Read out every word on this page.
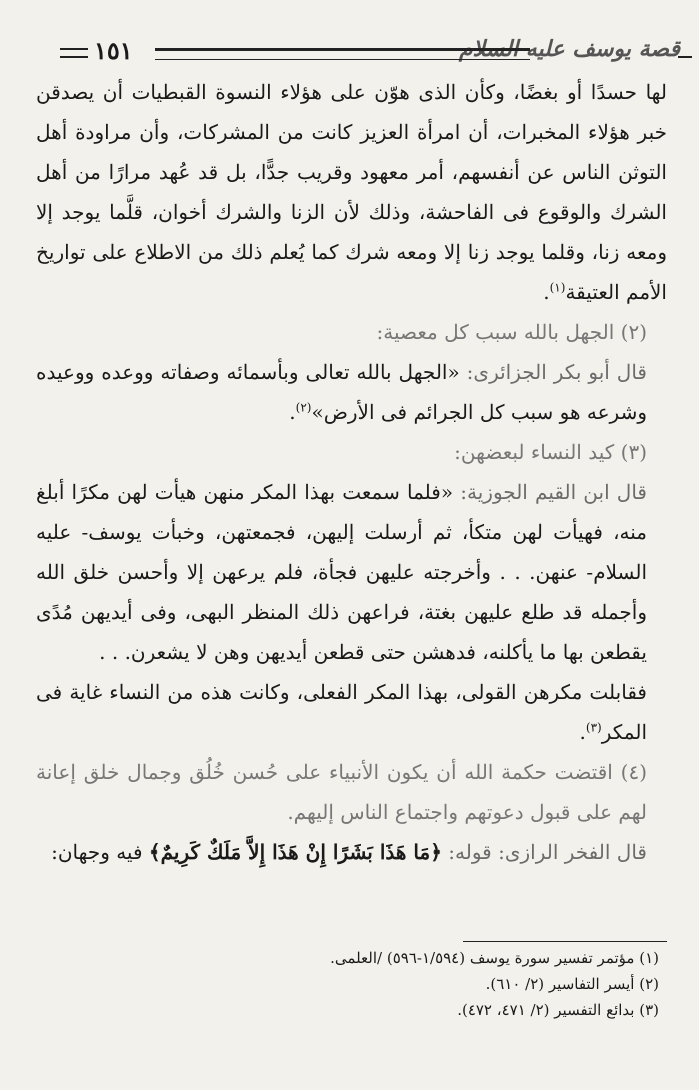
قصة يوسف عليه السلام
١٥١

لها حسدًا أو بغضًا، وكأن الذى هوّن على هؤلاء النسوة القبطيات أن يصدقن خبر هؤلاء المخبرات، أن امرأة العزيز كانت من المشركات، وأن مراودة أهل التوثن الناس عن أنفسهم، أمر معهود وقريب جدًّا، بل قد عُهد مرارًا من أهل الشرك والوقوع فى الفاحشة، وذلك لأن الزنا والشرك أخوان، قلَّما يوجد إلا ومعه زنا، وقلما يوجد زنا إلا ومعه شرك كما يُعلم ذلك من الاطلاع على تواريخ الأمم العتيقة$^{(١)}$.

(٢) الجهل بالله سبب كل معصية:

قال أبو بكر الجزائرى: «الجهل بالله تعالى وبأسمائه وصفاته ووعده ووعيده وشرعه هو سبب كل الجرائم فى الأرض»$^{(٢)}$.

(٣) كيد النساء لبعضهن:

قال ابن القيم الجوزية: «فلما سمعت بهذا المكر منهن هيأت لهن مكرًا أبلغ منه، فهيأت لهن متكأ، ثم أرسلت إليهن، فجمعتهن، وخبأت يوسف- عليه السلام- عنهن. . . وأخرجته عليهن فجأة، فلم يرعهن إلا وأحسن خلق الله وأجمله قد طلع عليهن بغتة، فراعهن ذلك المنظر البهى، وفى أيديهن مُدًى يقطعن بها ما يأكلنه، فدهشن حتى قطعن أيديهن وهن لا يشعرن. . .

فقابلت مكرهن القولى، بهذا المكر الفعلى، وكانت هذه من النساء غاية فى المكر$^{(٣)}$.

(٤) اقتضت حكمة الله أن يكون الأنبياء على حُسن خُلُق وجمال خلق إعانة لهم على قبول دعوتهم واجتماع الناس إليهم.

قال الفخر الرازى: قوله: ﴿مَا هَذَا بَشَرًا إِنْ هَذَا إِلاَّ مَلَكٌ كَرِيمٌ﴾ فيه وجهان:

(١) مؤتمر تفسير سورة يوسف (١/٥٩٤-٥٩٦) /العلمى.
(٢) أيسر التفاسير (٢/ ٦١٠).
(٣) بدائع التفسير (٢/ ٤٧١، ٤٧٢).
